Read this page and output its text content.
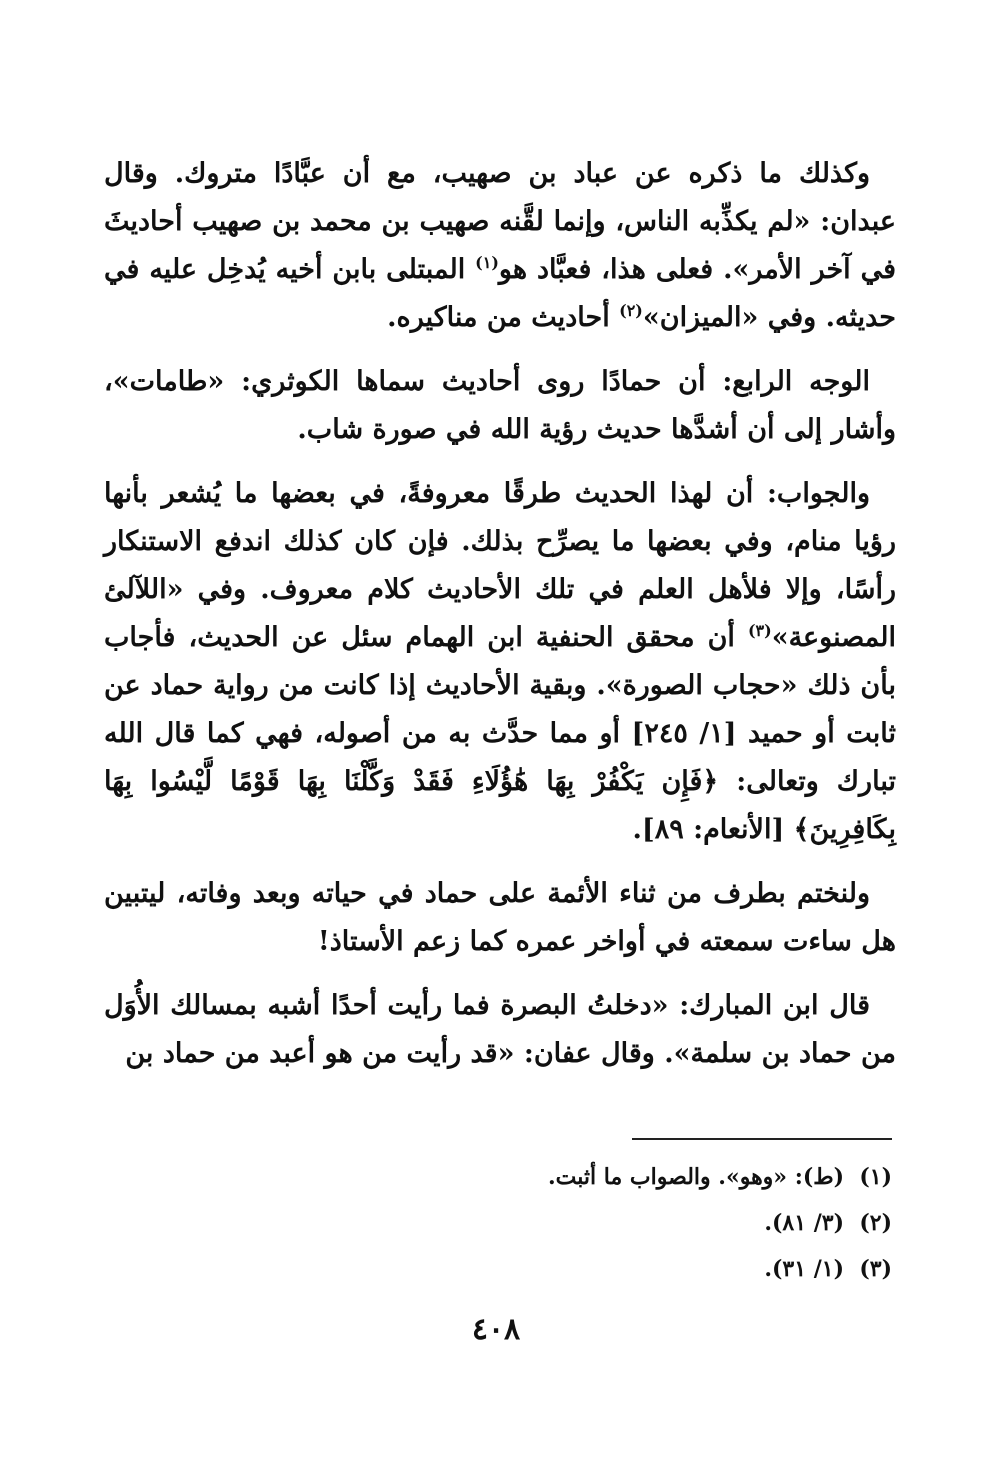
وكذلك ما ذكره عن عباد بن صهيب، مع أن عبَّادًا متروك. وقال عبدان: «لم يكذِّبه الناس، وإنما لقَّنه صهيب بن محمد بن صهيب أحاديثَ في آخر الأمر». فعلى هذا، فعبَّاد هو$^{(١)}$ المبتلى بابن أخيه يُدخِل عليه في حديثه. وفي «الميزان»$^{(٢)}$ أحاديث من مناكيره.

الوجه الرابع: أن حمادًا روى أحاديث سماها الكوثري: «طامات»، وأشار إلى أن أشدَّها حديث رؤية الله في صورة شاب.

والجواب: أن لهذا الحديث طرقًا معروفةً، في بعضها ما يُشعر بأنها رؤيا منام، وفي بعضها ما يصرِّح بذلك. فإن كان كذلك اندفع الاستنكار رأسًا، وإلا فلأهل العلم في تلك الأحاديث كلام معروف. وفي «اللآلئ المصنوعة»$^{(٣)}$ أن محقق الحنفية ابن الهمام سئل عن الحديث، فأجاب بأن ذلك «حجاب الصورة». وبقية الأحاديث إذا كانت من رواية حماد عن ثابت أو حميد [١/ ٢٤٥] أو مما حدَّث به من أصوله، فهي كما قال الله تبارك وتعالى: ﴿فَإِن يَكْفُرْ بِهَا هَٰؤُلَاءِ فَقَدْ وَكَّلْنَا بِهَا قَوْمًا لَّيْسُوا بِهَا بِكَافِرِينَ﴾ [الأنعام: ٨٩].

ولنختم بطرف من ثناء الأئمة على حماد في حياته وبعد وفاته، ليتبين هل ساءت سمعته في أواخر عمره كما زعم الأستاذ!

قال ابن المبارك: «دخلتُ البصرة فما رأيت أحدًا أشبه بمسالك الأُوَل من حماد بن سلمة». وقال عفان: «قد رأيت من هو أعبد من حماد بن

(١)
(ط): «وهو». والصواب ما أثبت.
(٢)
(٣/ ٨١).
(٣)
(١/ ٣١).
٤٠٨
